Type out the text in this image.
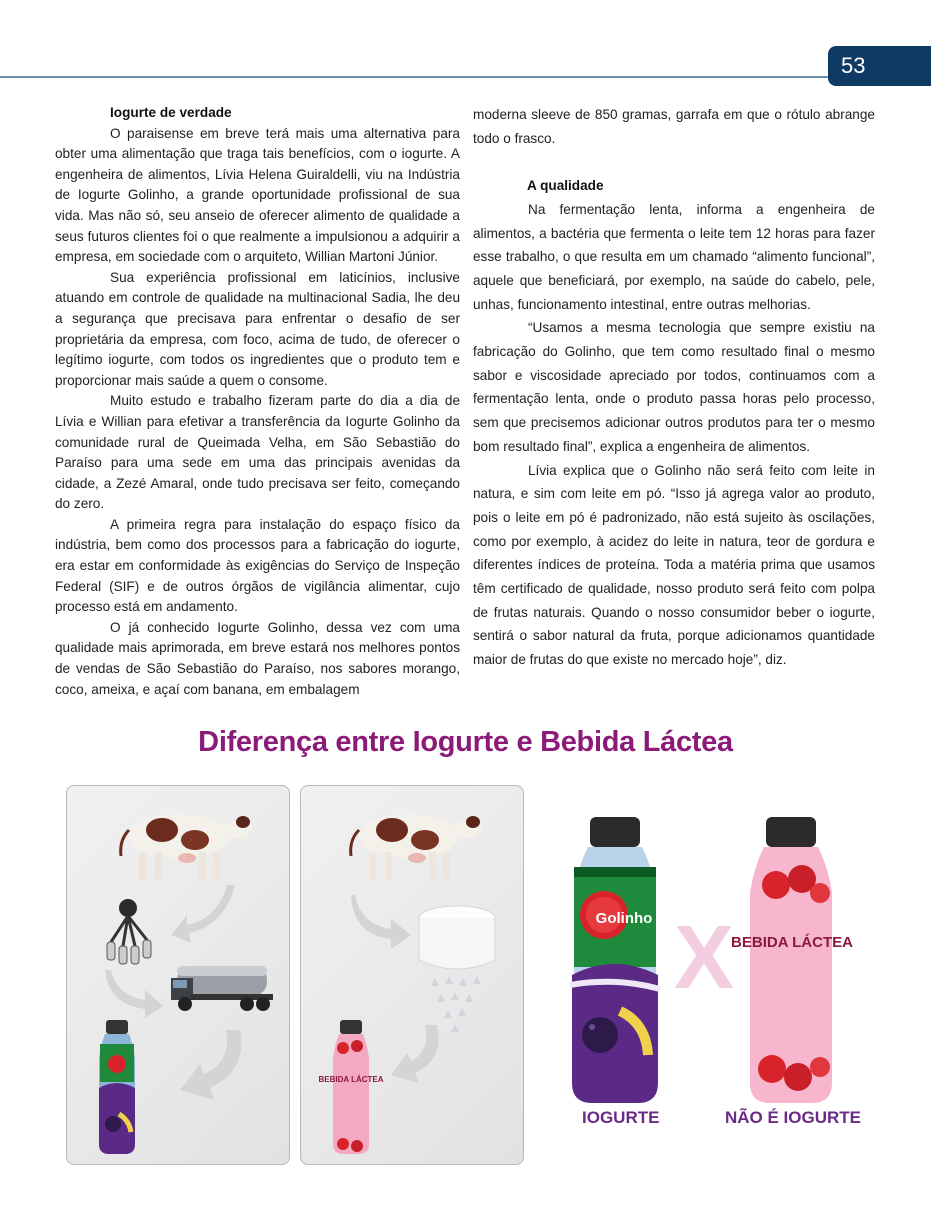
53
Iogurte de verdade

O paraisense em breve terá mais uma alternativa para obter uma alimentação que traga tais benefícios, com o iogurte. A engenheira de alimentos, Lívia Helena Guiraldelli, viu na Indústria de Iogurte Golinho, a grande oportunidade profissional de sua vida. Mas não só, seu anseio de oferecer alimento de qualidade a seus futuros clientes foi o que realmente a impulsionou a adquirir a empresa, em sociedade com o arquiteto, Willian Martoni Júnior.

Sua experiência profissional em laticínios, inclusive atuando em controle de qualidade na multinacional Sadia, lhe deu a segurança que precisava para enfrentar o desafio de ser proprietária da empresa, com foco, acima de tudo, de oferecer o legítimo iogurte, com todos os ingredientes que o produto tem e proporcionar mais saúde a quem o consome.

Muito estudo e trabalho fizeram parte do dia a dia de Lívia e Willian para efetivar a transferência da Iogurte Golinho da comunidade rural de Queimada Velha, em São Sebastião do Paraíso para uma sede em uma das principais avenidas da cidade, a Zezé Amaral, onde tudo precisava ser feito, começando do zero.

A primeira regra para instalação do espaço físico da indústria, bem como dos processos para a fabricação do iogurte, era estar em conformidade às exigências do Serviço de Inspeção Federal (SIF) e de outros órgãos de vigilância alimentar, cujo processo está em andamento.

O já conhecido Iogurte Golinho, dessa vez com uma qualidade mais aprimorada, em breve estará nos melhores pontos de vendas de São Sebastião do Paraíso, nos sabores morango, coco, ameixa, e açaí com banana, em embalagem

moderna sleeve de 850 gramas, garrafa em que o rótulo abrange todo o frasco.

A qualidade

Na fermentação lenta, informa a engenheira de alimentos, a bactéria que fermenta o leite tem 12 horas para fazer esse trabalho, o que resulta em um chamado “alimento funcional”, aquele que beneficiará, por exemplo, na saúde do cabelo, pele, unhas, funcionamento intestinal, entre outras melhorias.

“Usamos a mesma tecnologia que sempre existiu na fabricação do Golinho, que tem como resultado final o mesmo sabor e viscosidade apreciado por todos, continuamos com a fermentação lenta, onde o produto passa horas pelo processo, sem que precisemos adicionar outros produtos para ter o mesmo bom resultado final”, explica a engenheira de alimentos.

Lívia explica que o Golinho não será feito com leite in natura, e sim com leite em pó. “Isso já agrega valor ao produto, pois o leite em pó é padronizado, não está sujeito às oscilações, como por exemplo, à acidez do leite in natura, teor de gordura e diferentes índices de proteína. Toda a matéria prima que usamos têm certificado de qualidade, nosso produto será feito com polpa de frutas naturais. Quando o nosso consumidor beber o iogurte, sentirá o sabor natural da fruta, porque adicionamos quantidade maior de frutas do que existe no mercado hoje”, diz.

Diferença entre Iogurte e Bebida Láctea
BEBIDA LÁCTEA
Golinho X
BEBIDA LÁCTEA
IOGURTE	NÃO É IOGURTE
